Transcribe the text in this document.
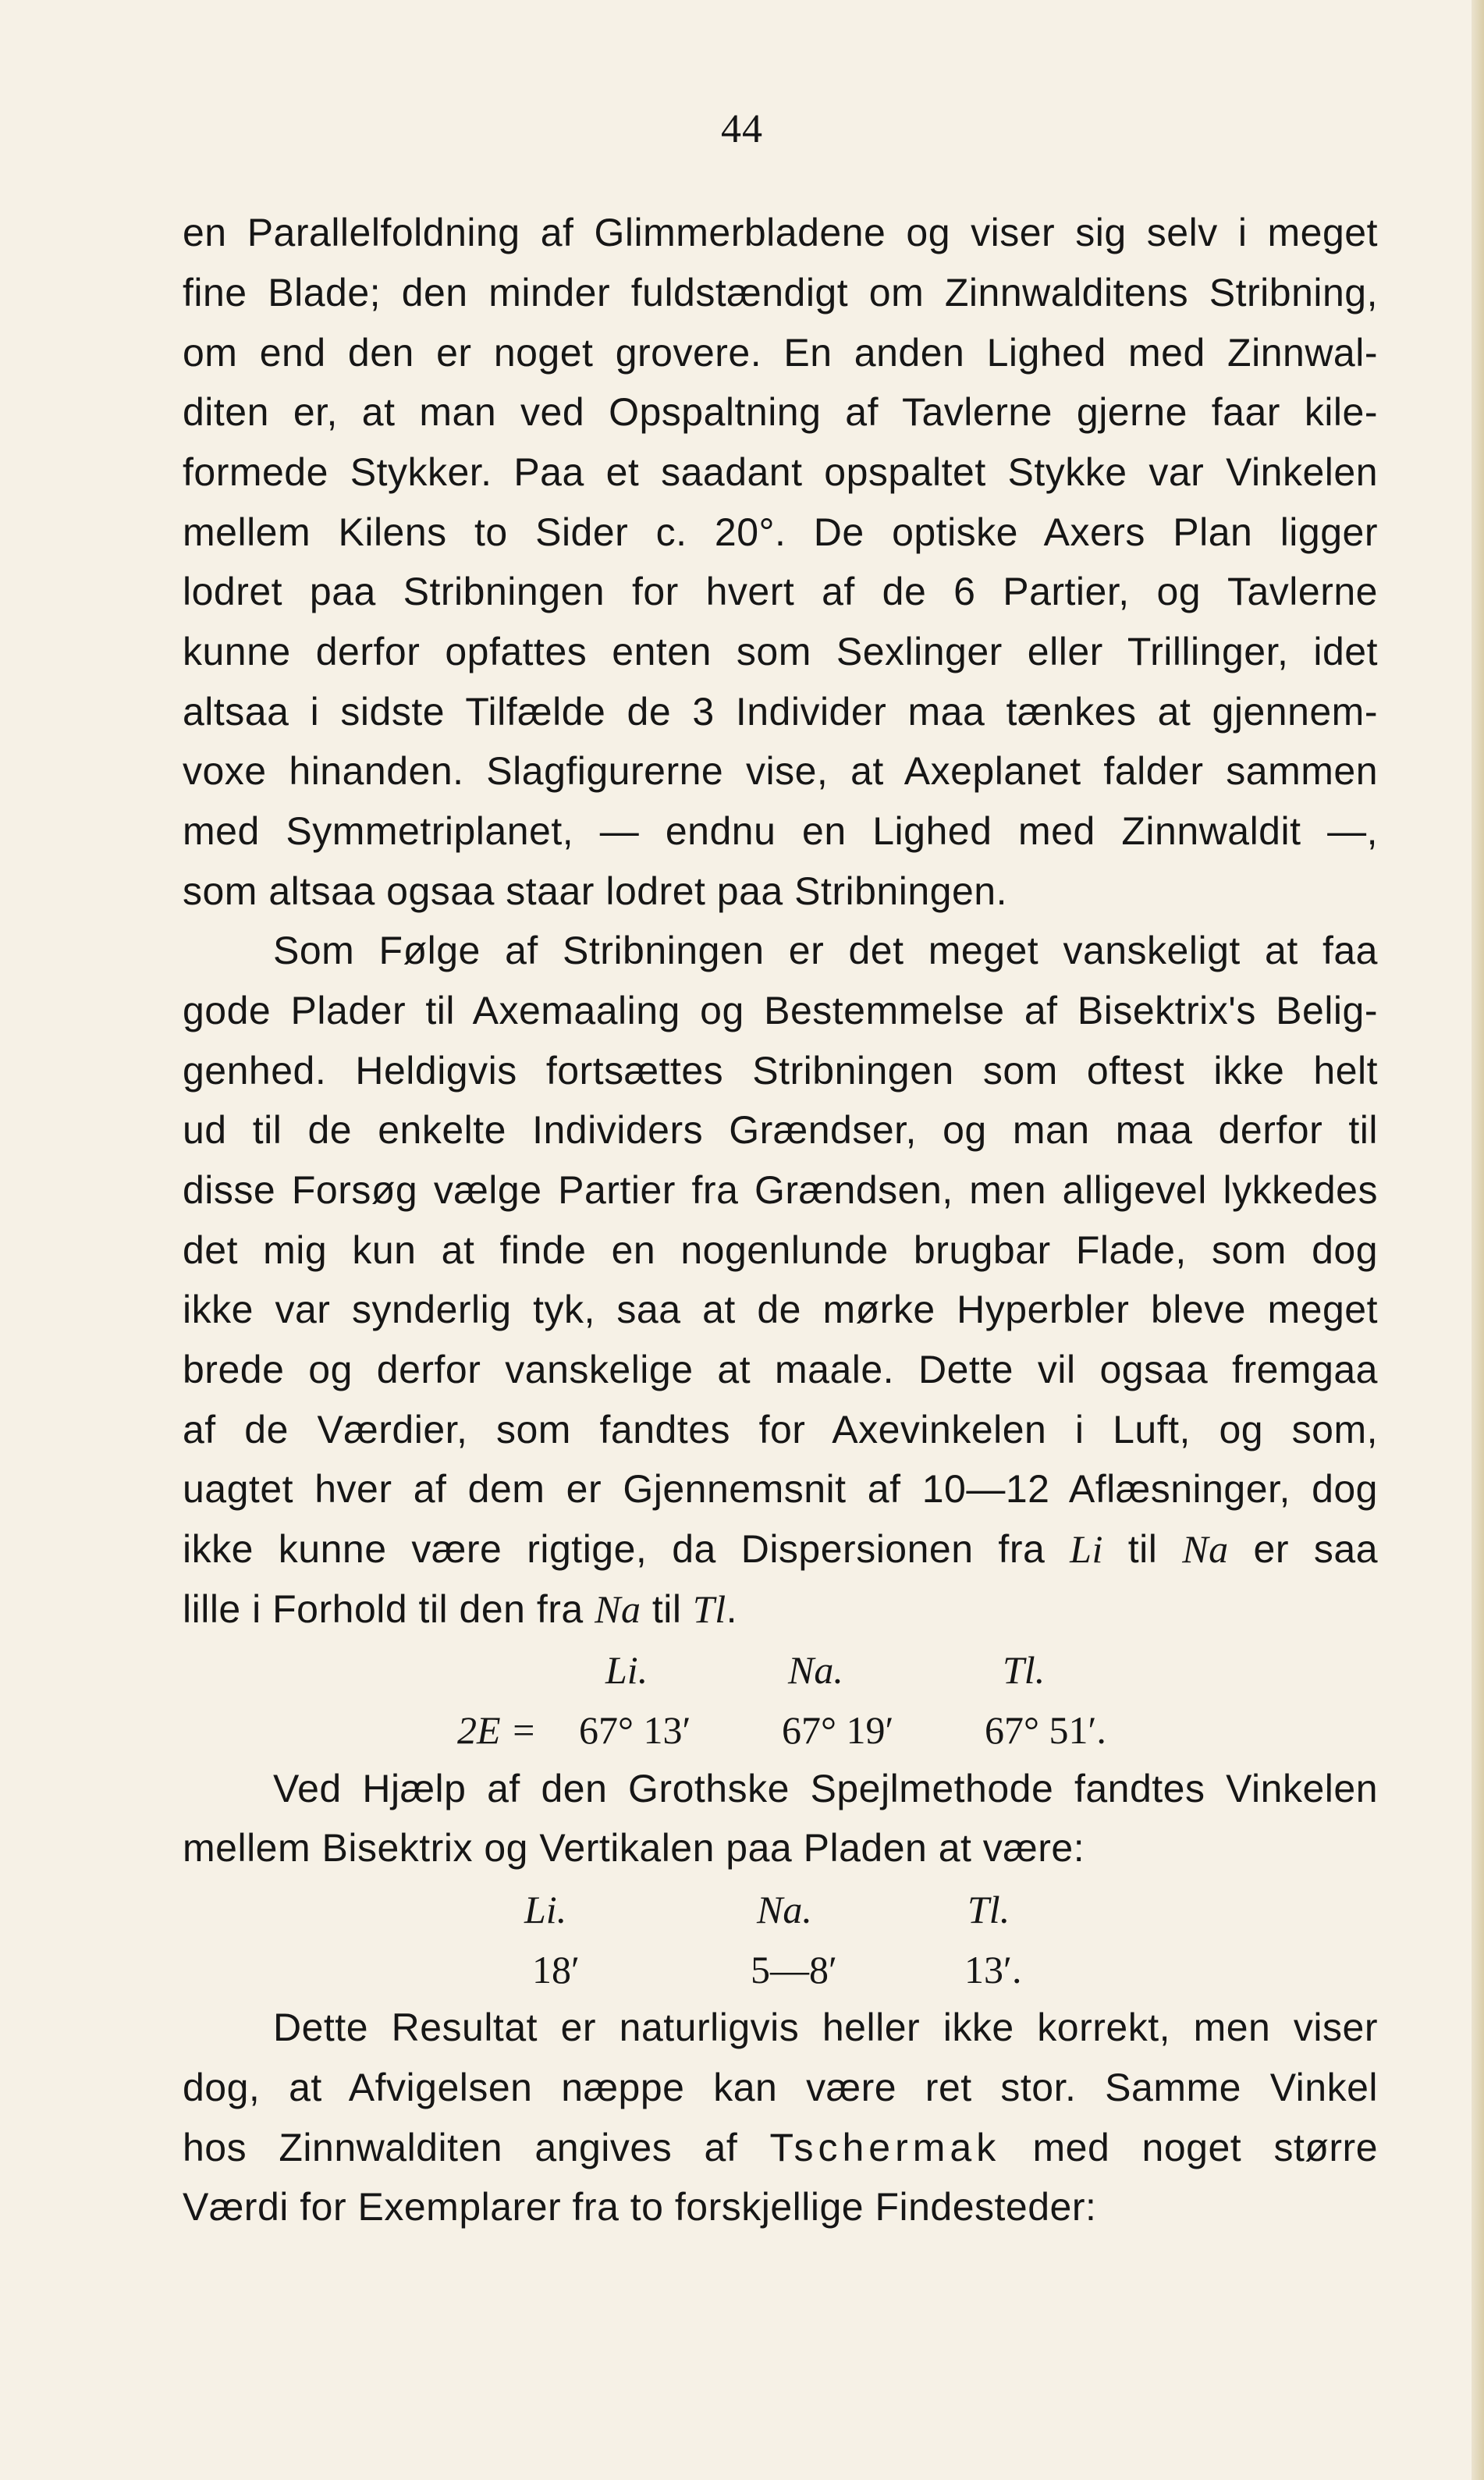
44
en Parallelfoldning af Glimmerbladene og viser sig selv i meget
fine Blade; den minder fuldstændigt om Zinnwalditens Stribning,
om end den er noget grovere. En anden Lighed med Zinnwal-
diten er, at man ved Opspaltning af Tavlerne gjerne faar kile-
formede Stykker. Paa et saadant opspaltet Stykke var Vinkelen
mellem Kilens to Sider c. 20°. De optiske Axers Plan ligger
lodret paa Stribningen for hvert af de 6 Partier, og Tavlerne
kunne derfor opfattes enten som Sexlinger eller Trillinger, idet
altsaa i sidste Tilfælde de 3 Individer maa tænkes at gjennem-
voxe hinanden. Slagfigurerne vise, at Axeplanet falder sammen
med Symmetriplanet, — endnu en Lighed med Zinnwaldit —,
som altsaa ogsaa staar lodret paa Stribningen.
Som Følge af Stribningen er det meget vanskeligt at faa
gode Plader til Axemaaling og Bestemmelse af Bisektrix's Belig-
genhed. Heldigvis fortsættes Stribningen som oftest ikke helt
ud til de enkelte Individers Grændser, og man maa derfor til
disse Forsøg vælge Partier fra Grændsen, men alligevel lykkedes
det mig kun at finde en nogenlunde brugbar Flade, som dog
ikke var synderlig tyk, saa at de mørke Hyperbler bleve meget
brede og derfor vanskelige at maale. Dette vil ogsaa fremgaa
af de Værdier, som fandtes for Axevinkelen i Luft, og som,
uagtet hver af dem er Gjennemsnit af 10—12 Aflæsninger, dog
ikke kunne være rigtige, da Dispersionen fra Li til Na er saa
lille i Forhold til den fra Na til Tl.
Li.	Na.	Tl.
2E = 67° 13′ 67° 19′ 67° 51′.
Ved Hjælp af den Grothske Spejlmethode fandtes Vinkelen
mellem Bisektrix og Vertikalen paa Pladen at være:
Li.	Na.	Tl.
18′	5—8′	13′.
Dette Resultat er naturligvis heller ikke korrekt, men viser
dog, at Afvigelsen næppe kan være ret stor. Samme Vinkel
hos Zinnwalditen angives af Tschermak med noget større
Værdi for Exemplarer fra to forskjellige Findesteder:
